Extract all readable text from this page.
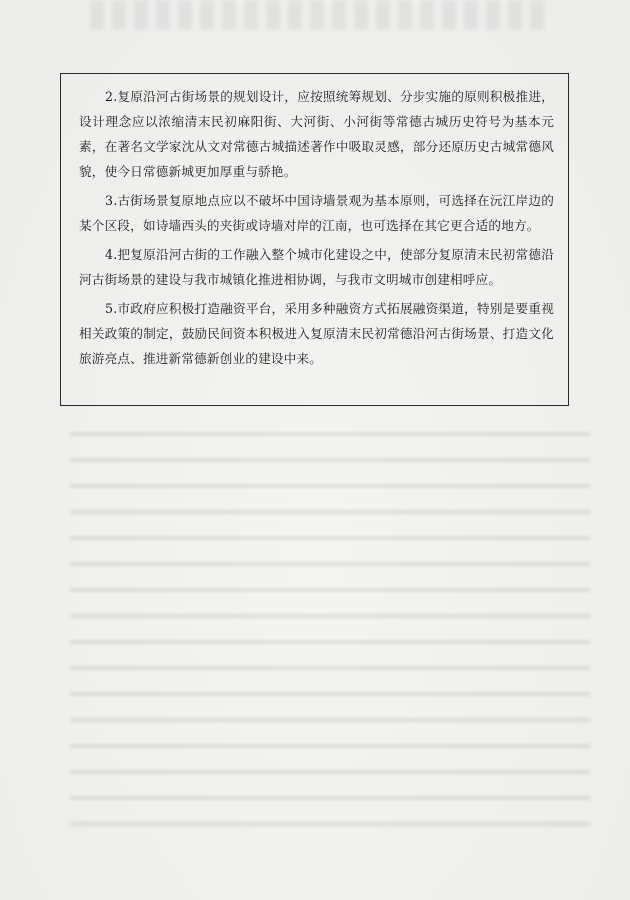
2.复原沿河古街场景的规划设计，应按照统筹规划、分步实施的原则积极推进，设计理念应以浓缩清末民初麻阳街、大河街、小河街等常德古城历史符号为基本元素，在著名文学家沈从文对常德古城描述著作中吸取灵感，部分还原历史古城常德风貌，使今日常德新城更加厚重与骄艳。

3.古街场景复原地点应以不破坏中国诗墙景观为基本原则，可选择在沅江岸边的某个区段，如诗墙西头的夹街或诗墙对岸的江南，也可选择在其它更合适的地方。

4.把复原沿河古街的工作融入整个城市化建设之中，使部分复原清末民初常德沿河古街场景的建设与我市城镇化推进相协调，与我市文明城市创建相呼应。

5.市政府应积极打造融资平台，采用多种融资方式拓展融资渠道，特别是要重视相关政策的制定，鼓励民间资本积极进入复原清末民初常德沿河古街场景、打造文化旅游亮点、推进新常德新创业的建设中来。
